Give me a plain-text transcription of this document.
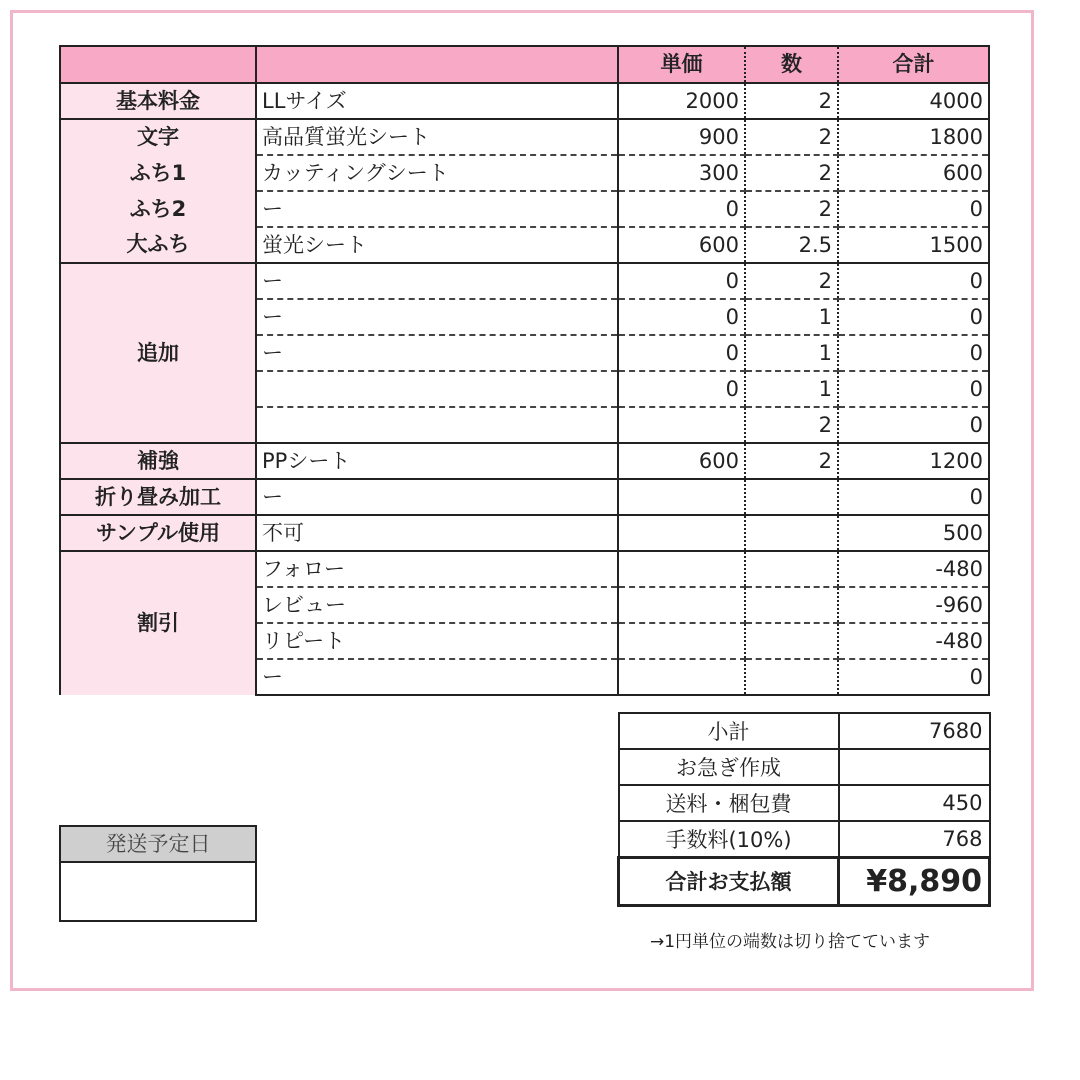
		単価	数	合計
基本料金	LLサイズ	2000	2	4000
文字	高品質蛍光シート	900	2	1800
ふち1	カッティングシート	300	2	600
ふち2	ー	0	2	0
大ふち	蛍光シート	600	2.5	1500
追加	ー	0	2	0
	ー	0	1	0
	ー	0	1	0
		0	1	0
			2	0
補強	PPシート	600	2	1200
折り畳み加工	ー			0
サンプル使用	不可			500
割引	フォロー			-480
	レビュー			-960
	リピート			-480
	ー			0
小計	7680
お急ぎ作成	
送料・梱包費	450
手数料(10%)	768
合計お支払額	¥8,890
→1円単位の端数は切り捨てています
発送予定日
